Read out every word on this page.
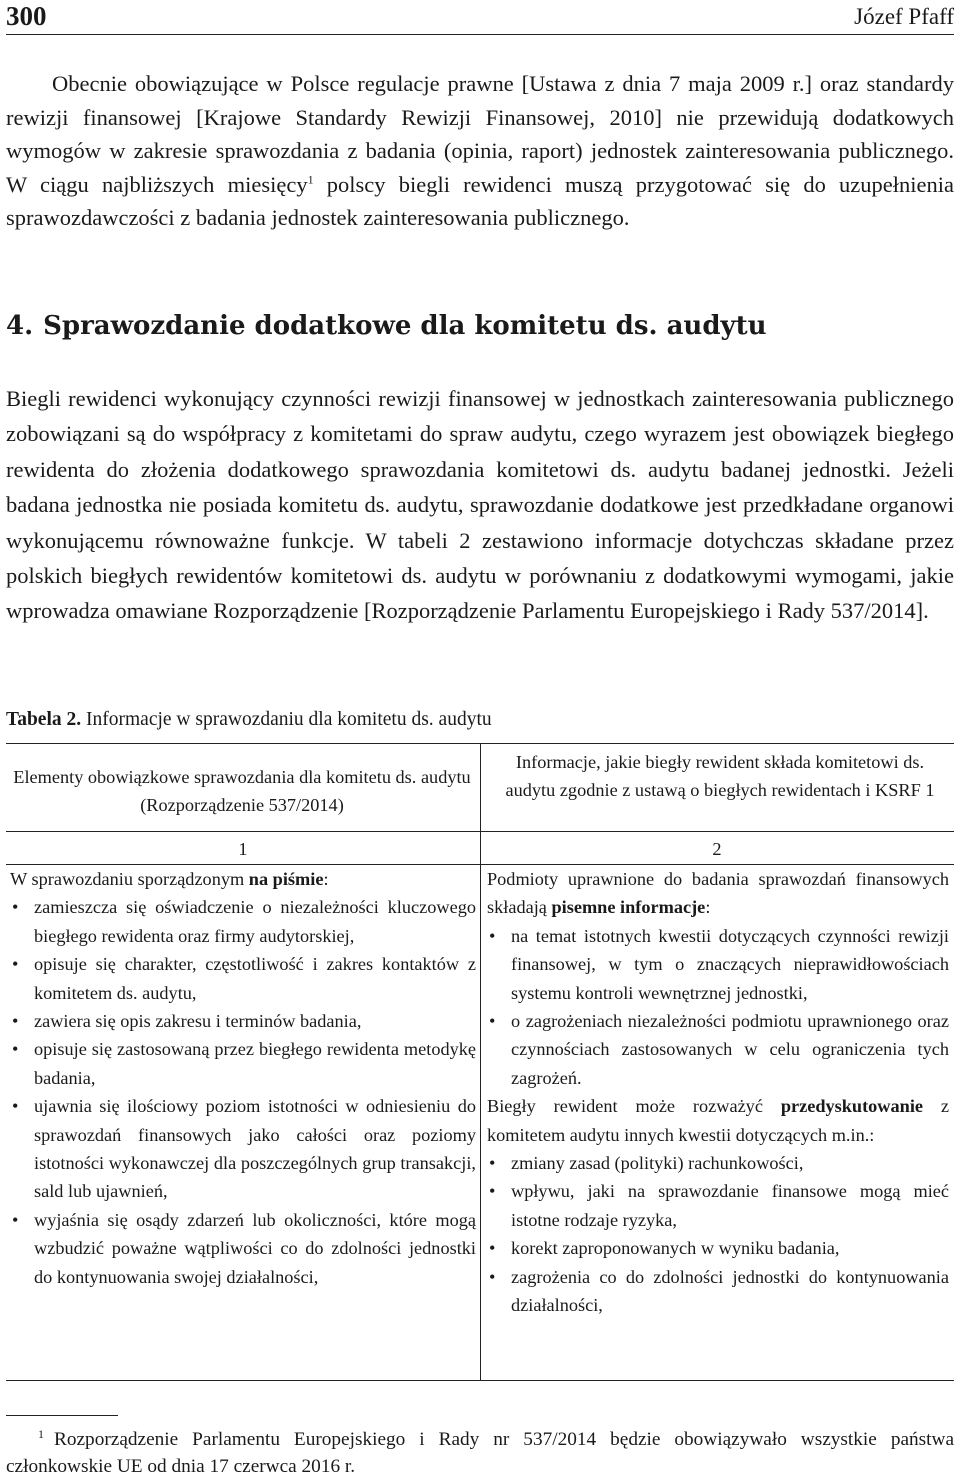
300	Józef Pfaff

Obecnie obowiązujące w Polsce regulacje prawne [Ustawa z dnia 7 maja 2009 r.] oraz standardy rewizji finansowej [Krajowe Standardy Rewizji Finansowej, 2010] nie przewidują dodatkowych wymogów w zakresie sprawozdania z badania (opinia, raport) jednostek zainteresowania publicznego. W ciągu najbliższych miesięcy$^1$ polscy biegli rewidenci muszą przygotować się do uzupełnienia sprawozdawczości z badania jednostek zainteresowania publicznego.

4. Sprawozdanie dodatkowe dla komitetu ds. audytu

Biegli rewidenci wykonujący czynności rewizji finansowej w jednostkach zainteresowania publicznego zobowiązani są do współpracy z komitetami do spraw audytu, czego wyrazem jest obowiązek biegłego rewidenta do złożenia dodatkowego sprawozdania komitetowi ds. audytu badanej jednostki. Jeżeli badana jednostka nie posiada komitetu ds. audytu, sprawozdanie dodatkowe jest przedkładane organowi wykonującemu równoważne funkcje. W tabeli 2 zestawiono informacje dotychczas składane przez polskich biegłych rewidentów komitetowi ds. audytu w porównaniu z dodatkowymi wymogami, jakie wprowadza omawiane Rozporządzenie [Rozporządzenie Parlamentu Europejskiego i Rady 537/2014].

Tabela 2. Informacje w sprawozdaniu dla komitetu ds. audytu

Elementy obowiązkowe sprawozdania dla komitetu ds. audytu (Rozporządzenie 537/2014)
Informacje, jakie biegły rewident składa komitetowi ds. audytu zgodnie z ustawą o biegłych rewidentach i KSRF 1
1	2

W sprawozdaniu sporządzonym na piśmie:

• zamieszcza się oświadczenie o niezależności kluczowego biegłego rewidenta oraz firmy audytorskiej,
• opisuje się charakter, częstotliwość i zakres kontaktów z komitetem ds. audytu,
• zawiera się opis zakresu i terminów badania,
• opisuje się zastosowaną przez biegłego rewidenta metodykę badania,
• ujawnia się ilościowy poziom istotności w odniesieniu do sprawozdań finansowych jako całości oraz poziomy istotności wykonawczej dla poszczególnych grup transakcji, sald lub ujawnień,
• wyjaśnia się osądy zdarzeń lub okoliczności, które mogą wzbudzić poważne wątpliwości co do zdolności jednostki do kontynuowania swojej działalności,

Podmioty uprawnione do badania sprawozdań finansowych składają pisemne informacje:

• na temat istotnych kwestii dotyczących czynności rewizji finansowej, w tym o znaczących nieprawidłowościach systemu kontroli wewnętrznej jednostki,
• o zagrożeniach niezależności podmiotu uprawnionego oraz czynnościach zastosowanych w celu ograniczenia tych zagrożeń.

Biegły rewident może rozważyć przedyskutowanie z komitetem audytu innych kwestii dotyczących m.in.:

• zmiany zasad (polityki) rachunkowości,
• wpływu, jaki na sprawozdanie finansowe mogą mieć istotne rodzaje ryzyka,
• korekt zaproponowanych w wyniku badania,
• zagrożenia co do zdolności jednostki do kontynuowania działalności,

$^1$ Rozporządzenie Parlamentu Europejskiego i Rady nr 537/2014 będzie obowiązywało wszystkie państwa członkowskie UE od dnia 17 czerwca 2016 r.
